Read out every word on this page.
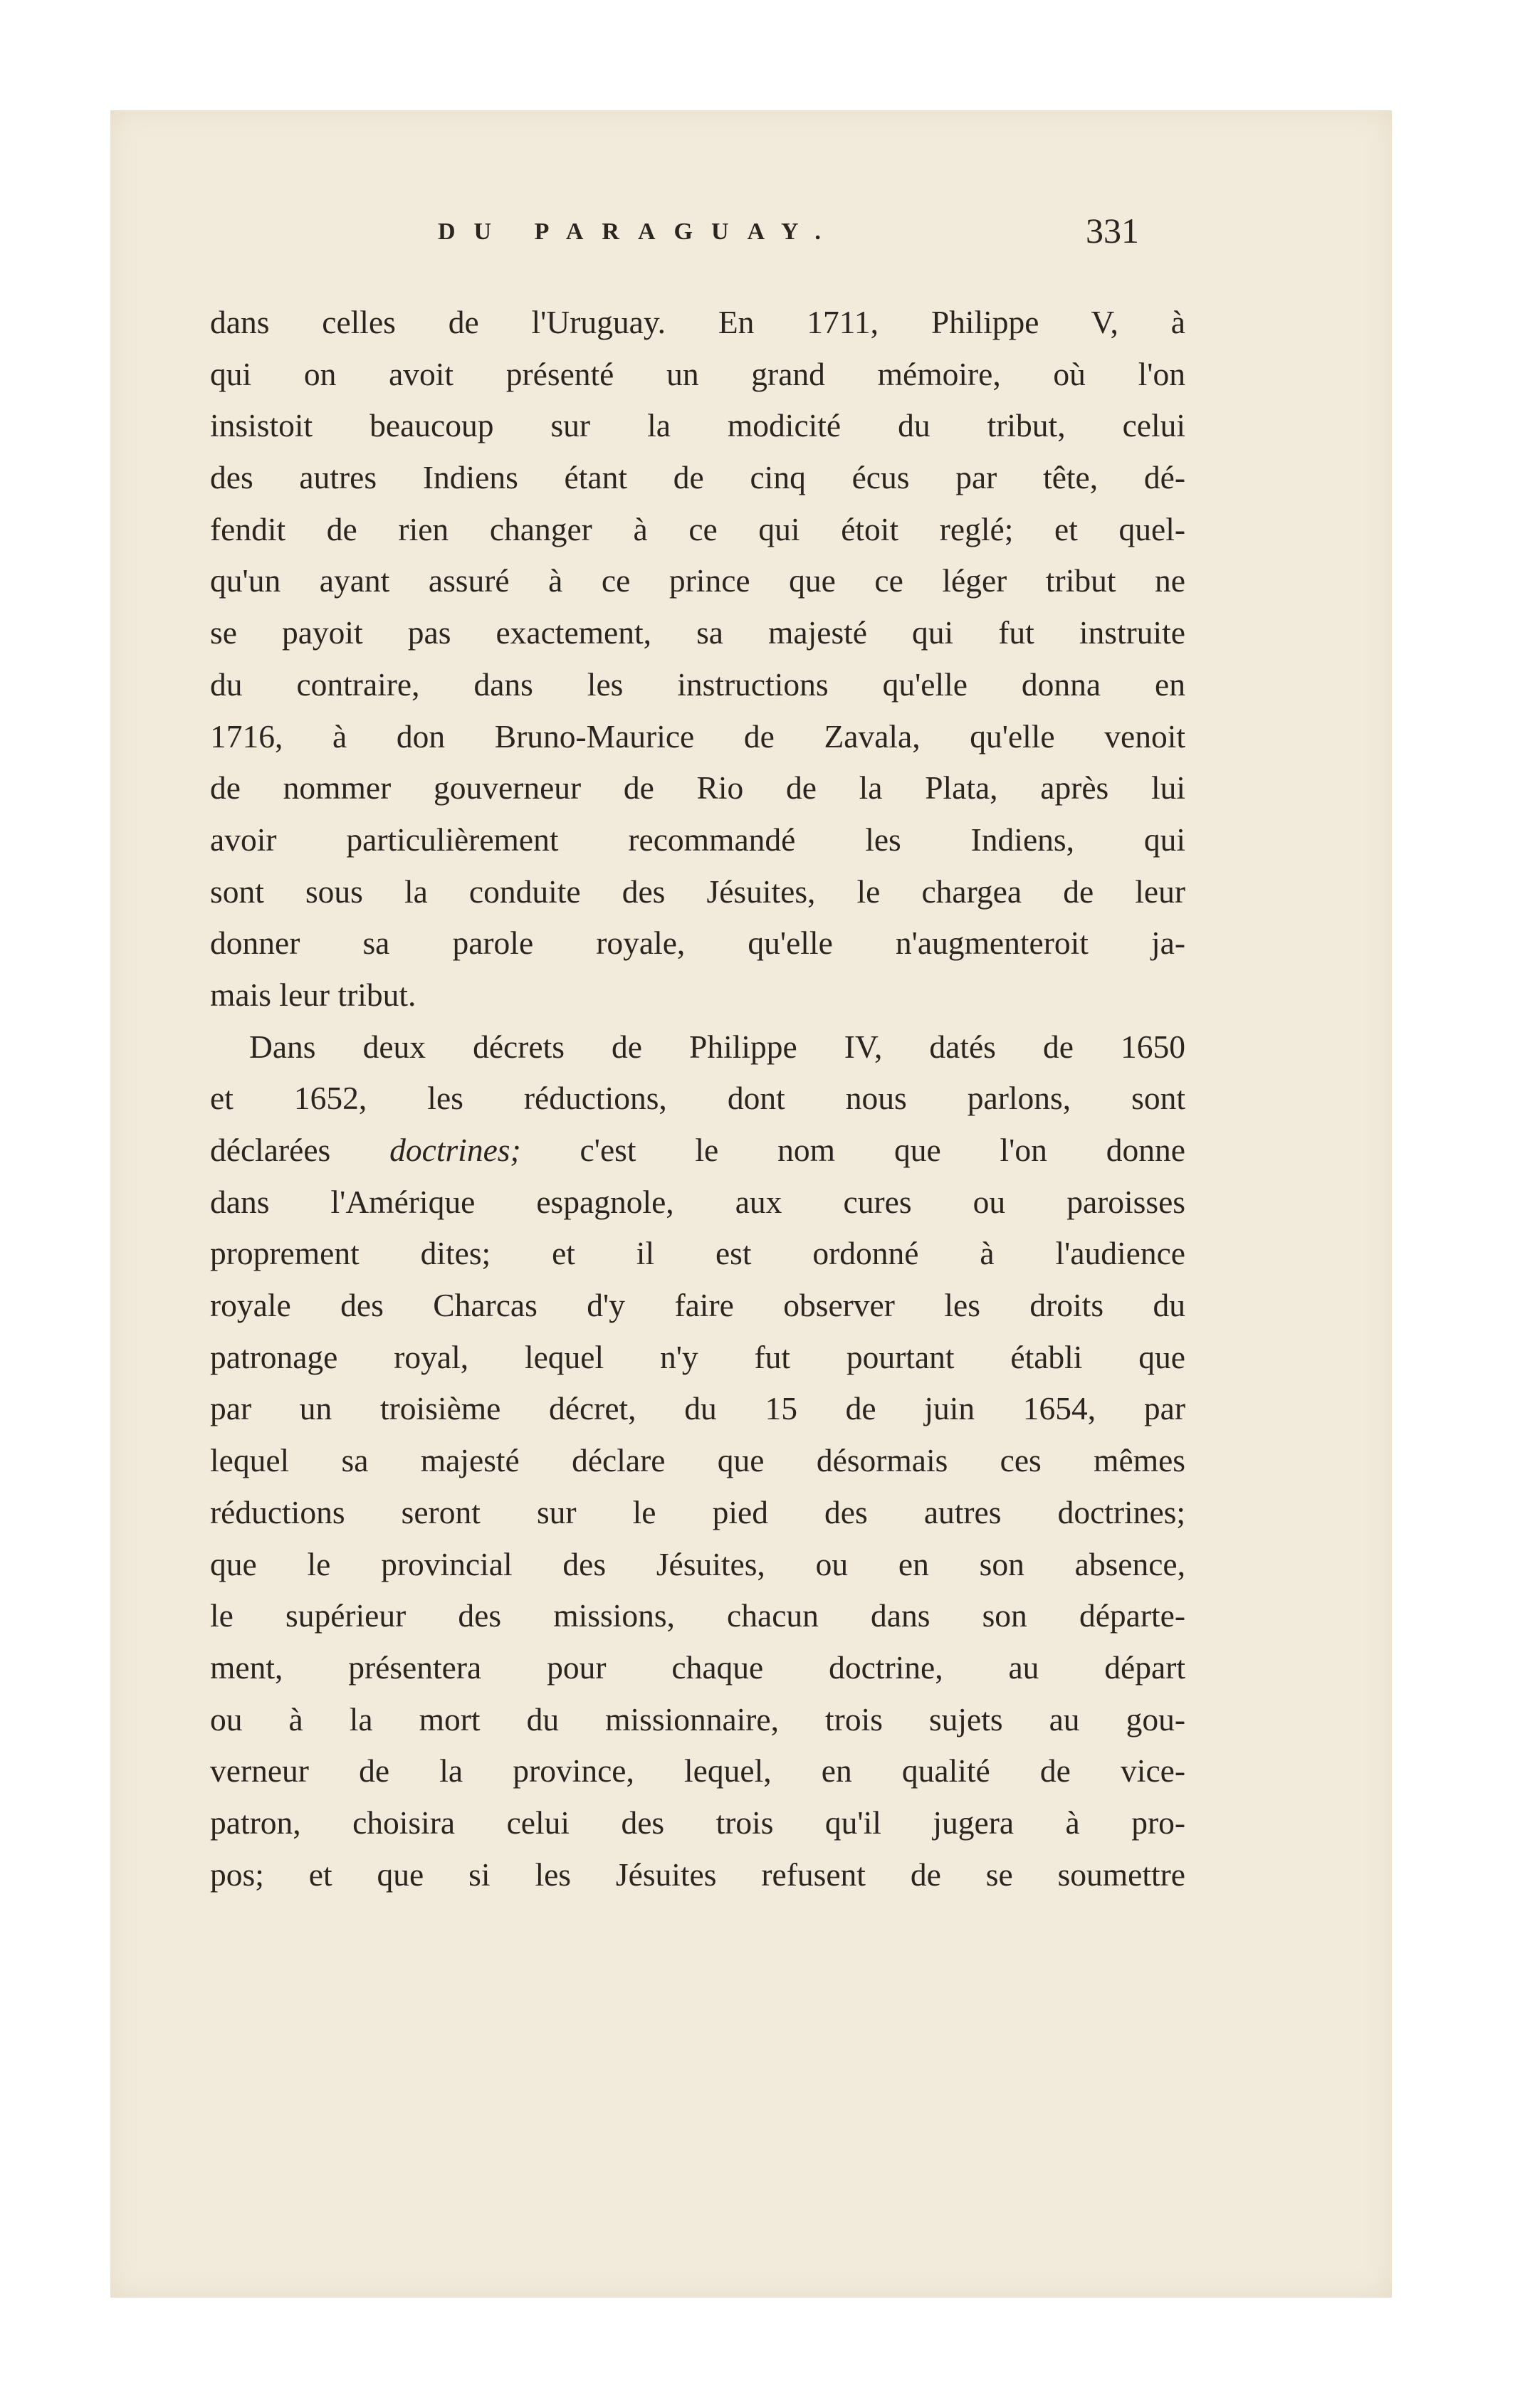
DU PARAGUAY.	331
dans celles de l'Uruguay. En 1711, Philippe V, à
qui on avoit présenté un grand mémoire, où l'on
insistoit beaucoup sur la modicité du tribut, celui
des autres Indiens étant de cinq écus par tête, dé-
fendit de rien changer à ce qui étoit reglé; et quel-
qu'un ayant assuré à ce prince que ce léger tribut ne
se payoit pas exactement, sa majesté qui fut instruite
du contraire, dans les instructions qu'elle donna en
1716, à don Bruno-Maurice de Zavala, qu'elle venoit
de nommer gouverneur de Rio de la Plata, après lui
avoir particulièrement recommandé les Indiens, qui
sont sous la conduite des Jésuites, le chargea de leur
donner sa parole royale, qu'elle n'augmenteroit ja-
mais leur tribut.
Dans deux décrets de Philippe IV, datés de 1650
et 1652, les réductions, dont nous parlons, sont
déclarées doctrines; c'est le nom que l'on donne
dans l'Amérique espagnole, aux cures ou paroisses
proprement dites; et il est ordonné à l'audience
royale des Charcas d'y faire observer les droits du
patronage royal, lequel n'y fut pourtant établi que
par un troisième décret, du 15 de juin 1654, par
lequel sa majesté déclare que désormais ces mêmes
réductions seront sur le pied des autres doctrines;
que le provincial des Jésuites, ou en son absence,
le supérieur des missions, chacun dans son départe-
ment, présentera pour chaque doctrine, au départ
ou à la mort du missionnaire, trois sujets au gou-
verneur de la province, lequel, en qualité de vice-
patron, choisira celui des trois qu'il jugera à pro-
pos; et que si les Jésuites refusent de se soumettre
